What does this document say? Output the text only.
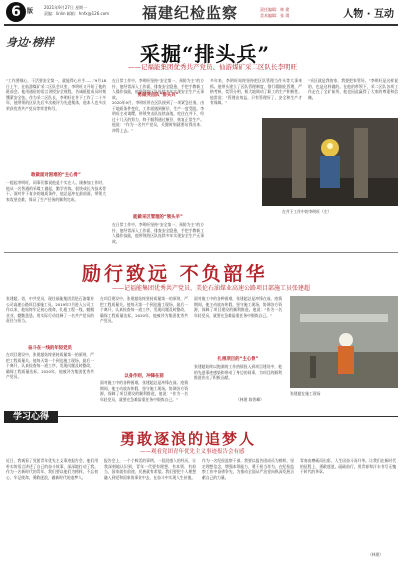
6	版
2021年9月27日 星期一
责编：linlin 邮箱：hnfx@126.com 福建纪检监察	责任编辑：林 建
美术编辑：张 琪	人物 · 互动
身边·榜样	采掘“排头兵”
——记福能集团优秀共产党员、仙游煤矿采二区队长李明旺
“工作要细心，干活要安全第一，就能得心应手……”9月18日上午，在仙游煤矿采二区队会议室，李明旺又开始了他的班前会。他用通俗的语言讲授安全规程，告诫班组成员时刻绷紧安全弦。作为采二区队长，李明旺在井下工作了二十多年，他带领的区队先后多次被评为先进集体，他本人也多次荣获优秀共产党员等荣誉称号。
敢做面对困难的“主心骨”
一提起李明旺，同事们都说他是个实在人。刚参加工作时，他从一名普通的采煤工做起，勤学苦练，很快成长为技术骨干。面对井下复杂的地质条件，他总是冲在最前面，带领大家攻坚克难，保证了生产任务的顺利完成。
在日常工作中，李明旺坚持“安全第一、预防为主”的方针，他经常深入工作面，排查安全隐患，手把手教新工人操作技能，他带领的区队连续多年实现安全生产无事故。	勇做突击队“排头兵”
2020年9月，李明旺所在区队接到了一项紧急任务，由于地质条件变化，工作面遇到断层，生产一度受阻。李明旺主动请缨，带领突击队连续奋战，吃住在井下，经过十几天的努力，终于顺利通过断层，恢复正常生产。他说：“作为一名共产党员，关键时刻就要站得出来、冲得上去。”
能做采区管理的“领头羊”
在日常工作中，李明旺坚持“安全第一、预防为主”的方针，他经常深入工作面，排查安全隐患，手把手教新工人操作技能，他带领的区队连续多年实现安全生产无事故。
多年来，李明旺始终坚持把区队管理当作头等大事来抓。他带头建立了区队管理制度，推行精细化管理，严格考核，奖罚分明，极大地调动了职工的生产积极性。他常说：“管理出效益，只有管理好了，安全和生产才有保障。”
“采区就是我的家，我要把家管好。”李明旺是这样说的，也是这样做的。在他的带领下，采二区队各项工作走在了全矿前列，他也因此赢得了大家的尊重和信赖。
在井下工作中的李明旺（左）
励行致远 不负韶华
——记福能集团优秀共产党员、美伦石油煤业高速公路项目部施工员张建超
张建超，男，中共党员，现任福能集团美伦石油煤业公司高速公路项目部施工员。2019年7月进入公司工作以来，他始终牢记初心使命，扎根工程一线，兢兢业业，勤勤恳恳，用实际行动诠释了一名共产党员的责任与担当。
奋斗在一线的年轻党员
在项目建设中，张建超始终坚持质量第一的原则，严把工程质量关。他每天第一个到达施工现场，最后一个离开，认真检查每一道工序，发现问题及时整改，确保工程质量达标。2020年，他被评为集团优秀共产党员。
在项目建设中，张建超始终坚持质量第一的原则，严把工程质量关。他每天第一个到达施工现场，最后一个离开，认真检查每一道工序，发现问题及时整改，确保工程质量达标。2020年，他被评为集团优秀共产党员。
以身作则，冲锋在前
面对施工中的各种困难，张建超总是冲锋在前。疫情期间，他主动放弃休假，坚守施工现场，协调各方资源，保障了项目建设的顺利推进。他说：“作为一名年轻党员，就要在急难险重任务中锻炼自己。”
面对施工中的各种困难，张建超总是冲锋在前。疫情期间，他主动放弃休假，坚守施工现场，协调各方资源，保障了项目建设的顺利推进。他说：“作为一名年轻党员，就要在急难险重任务中锻炼自己。”
扎根项目的“主心骨”
张建超始终以饱满的工作热情投入到项目建设中，他的先进事迹感染和带动了身边的同事，为项目的顺利推进作出了积极贡献。
（林建 陈智峰）
张建超在施工现场
学习心得
勇敢逐浪的追梦人
——观看党团青年优先主义事迹报告会有感
近日，我观看了党团青年优先主义事迹报告会，他们用朴实的语言讲述了自己的奋斗故事，深深地打动了我。作为一名新时代的青年，我们要以他们为榜样，不忘初心，牢记使命，勇敢逐浪，做新时代的追梦人。
报告会上，一个个鲜活的事例，一段段感人的经历，让我深刻地认识到，青年一代要有理想、有本领、有担当，国家就有前途，民族就有希望。我们要把个人理想融入到党和国家的事业中去，在奋斗中实现人生价值。
作为一名纪检监察干部，我要以报告团成员为榜样，坚定理想信念，增强本领能力，勇于担当作为，在纪检监察工作中奋勇争先，为推动全面从严治党向纵深发展贡献自己的力量。
青春由磨砺而出彩，人生因奋斗而升华。让我们在新时代的征程上，勇敢逐浪，砥砺前行，用青春和汗水书写无愧于时代的华章。
（林建）
